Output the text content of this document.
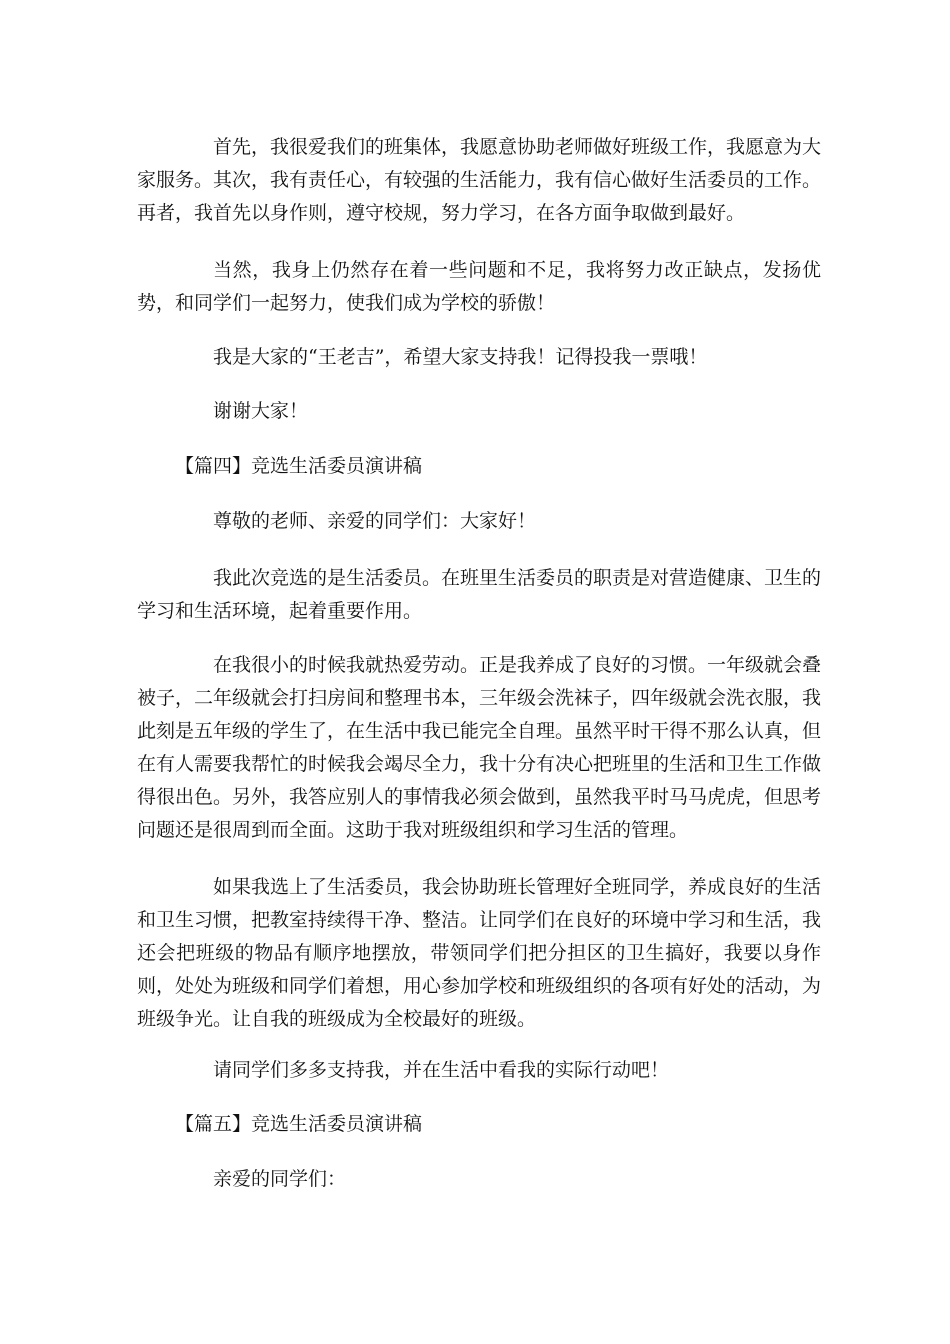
首先，我很爱我们的班集体，我愿意协助老师做好班级工作，我愿意为大家服务。其次，我有责任心，有较强的生活能力，我有信心做好生活委员的工作。再者，我首先以身作则，遵守校规，努力学习，在各方面争取做到最好。

当然，我身上仍然存在着一些问题和不足，我将努力改正缺点，发扬优势，和同学们一起努力，使我们成为学校的骄傲！

我是大家的“王老吉”，希望大家支持我！记得投我一票哦！

谢谢大家！

【篇四】竞选生活委员演讲稿

尊敬的老师、亲爱的同学们：大家好！

我此次竞选的是生活委员。在班里生活委员的职责是对营造健康、卫生的学习和生活环境，起着重要作用。

在我很小的时候我就热爱劳动。正是我养成了良好的习惯。一年级就会叠被子，二年级就会打扫房间和整理书本，三年级会洗袜子，四年级就会洗衣服，我此刻是五年级的学生了，在生活中我已能完全自理。虽然平时干得不那么认真，但在有人需要我帮忙的时候我会竭尽全力，我十分有决心把班里的生活和卫生工作做得很出色。另外，我答应别人的事情我必须会做到，虽然我平时马马虎虎，但思考问题还是很周到而全面。这助于我对班级组织和学习生活的管理。

如果我选上了生活委员，我会协助班长管理好全班同学，养成良好的生活和卫生习惯，把教室持续得干净、整洁。让同学们在良好的环境中学习和生活，我还会把班级的物品有顺序地摆放，带领同学们把分担区的卫生搞好，我要以身作则，处处为班级和同学们着想，用心参加学校和班级组织的各项有好处的活动，为班级争光。让自我的班级成为全校最好的班级。

请同学们多多支持我，并在生活中看我的实际行动吧！

【篇五】竞选生活委员演讲稿

亲爱的同学们：
